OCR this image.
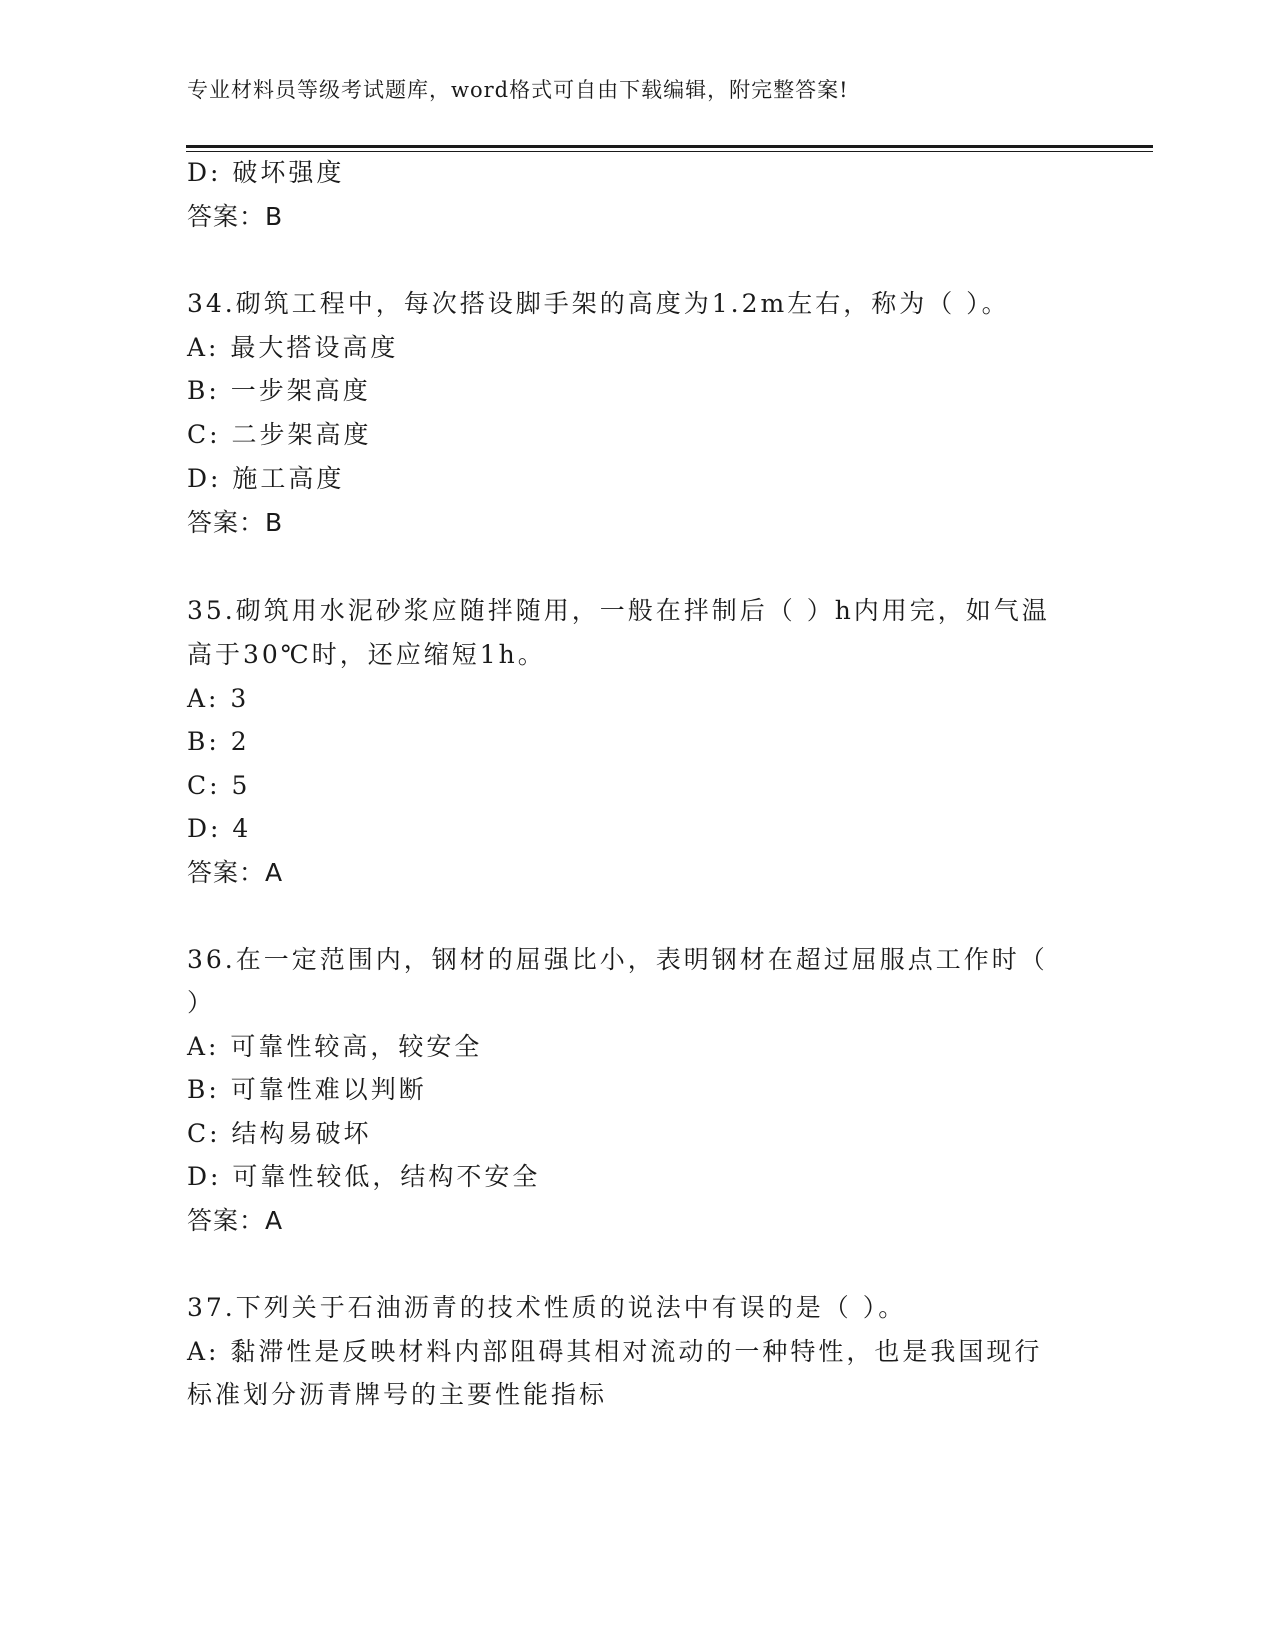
专业材料员等级考试题库，word格式可自由下载编辑，附完整答案!
D: 破坏强度
答案：B
34.砌筑工程中，每次搭设脚手架的高度为1.2m左右，称为（ ）。
A: 最大搭设高度
B: 一步架高度
C: 二步架高度
D: 施工高度
答案：B
35.砌筑用水泥砂浆应随拌随用，一般在拌制后（ ）h内用完，如气温
高于30℃时，还应缩短1h。
A: 3
B: 2
C: 5
D: 4
答案：A
36.在一定范围内，钢材的屈强比小，表明钢材在超过屈服点工作时（
）
A: 可靠性较高，较安全
B: 可靠性难以判断
C: 结构易破坏
D: 可靠性较低，结构不安全
答案：A
37.下列关于石油沥青的技术性质的说法中有误的是（ ）。
A: 黏滞性是反映材料内部阻碍其相对流动的一种特性，也是我国现行
标准划分沥青牌号的主要性能指标
